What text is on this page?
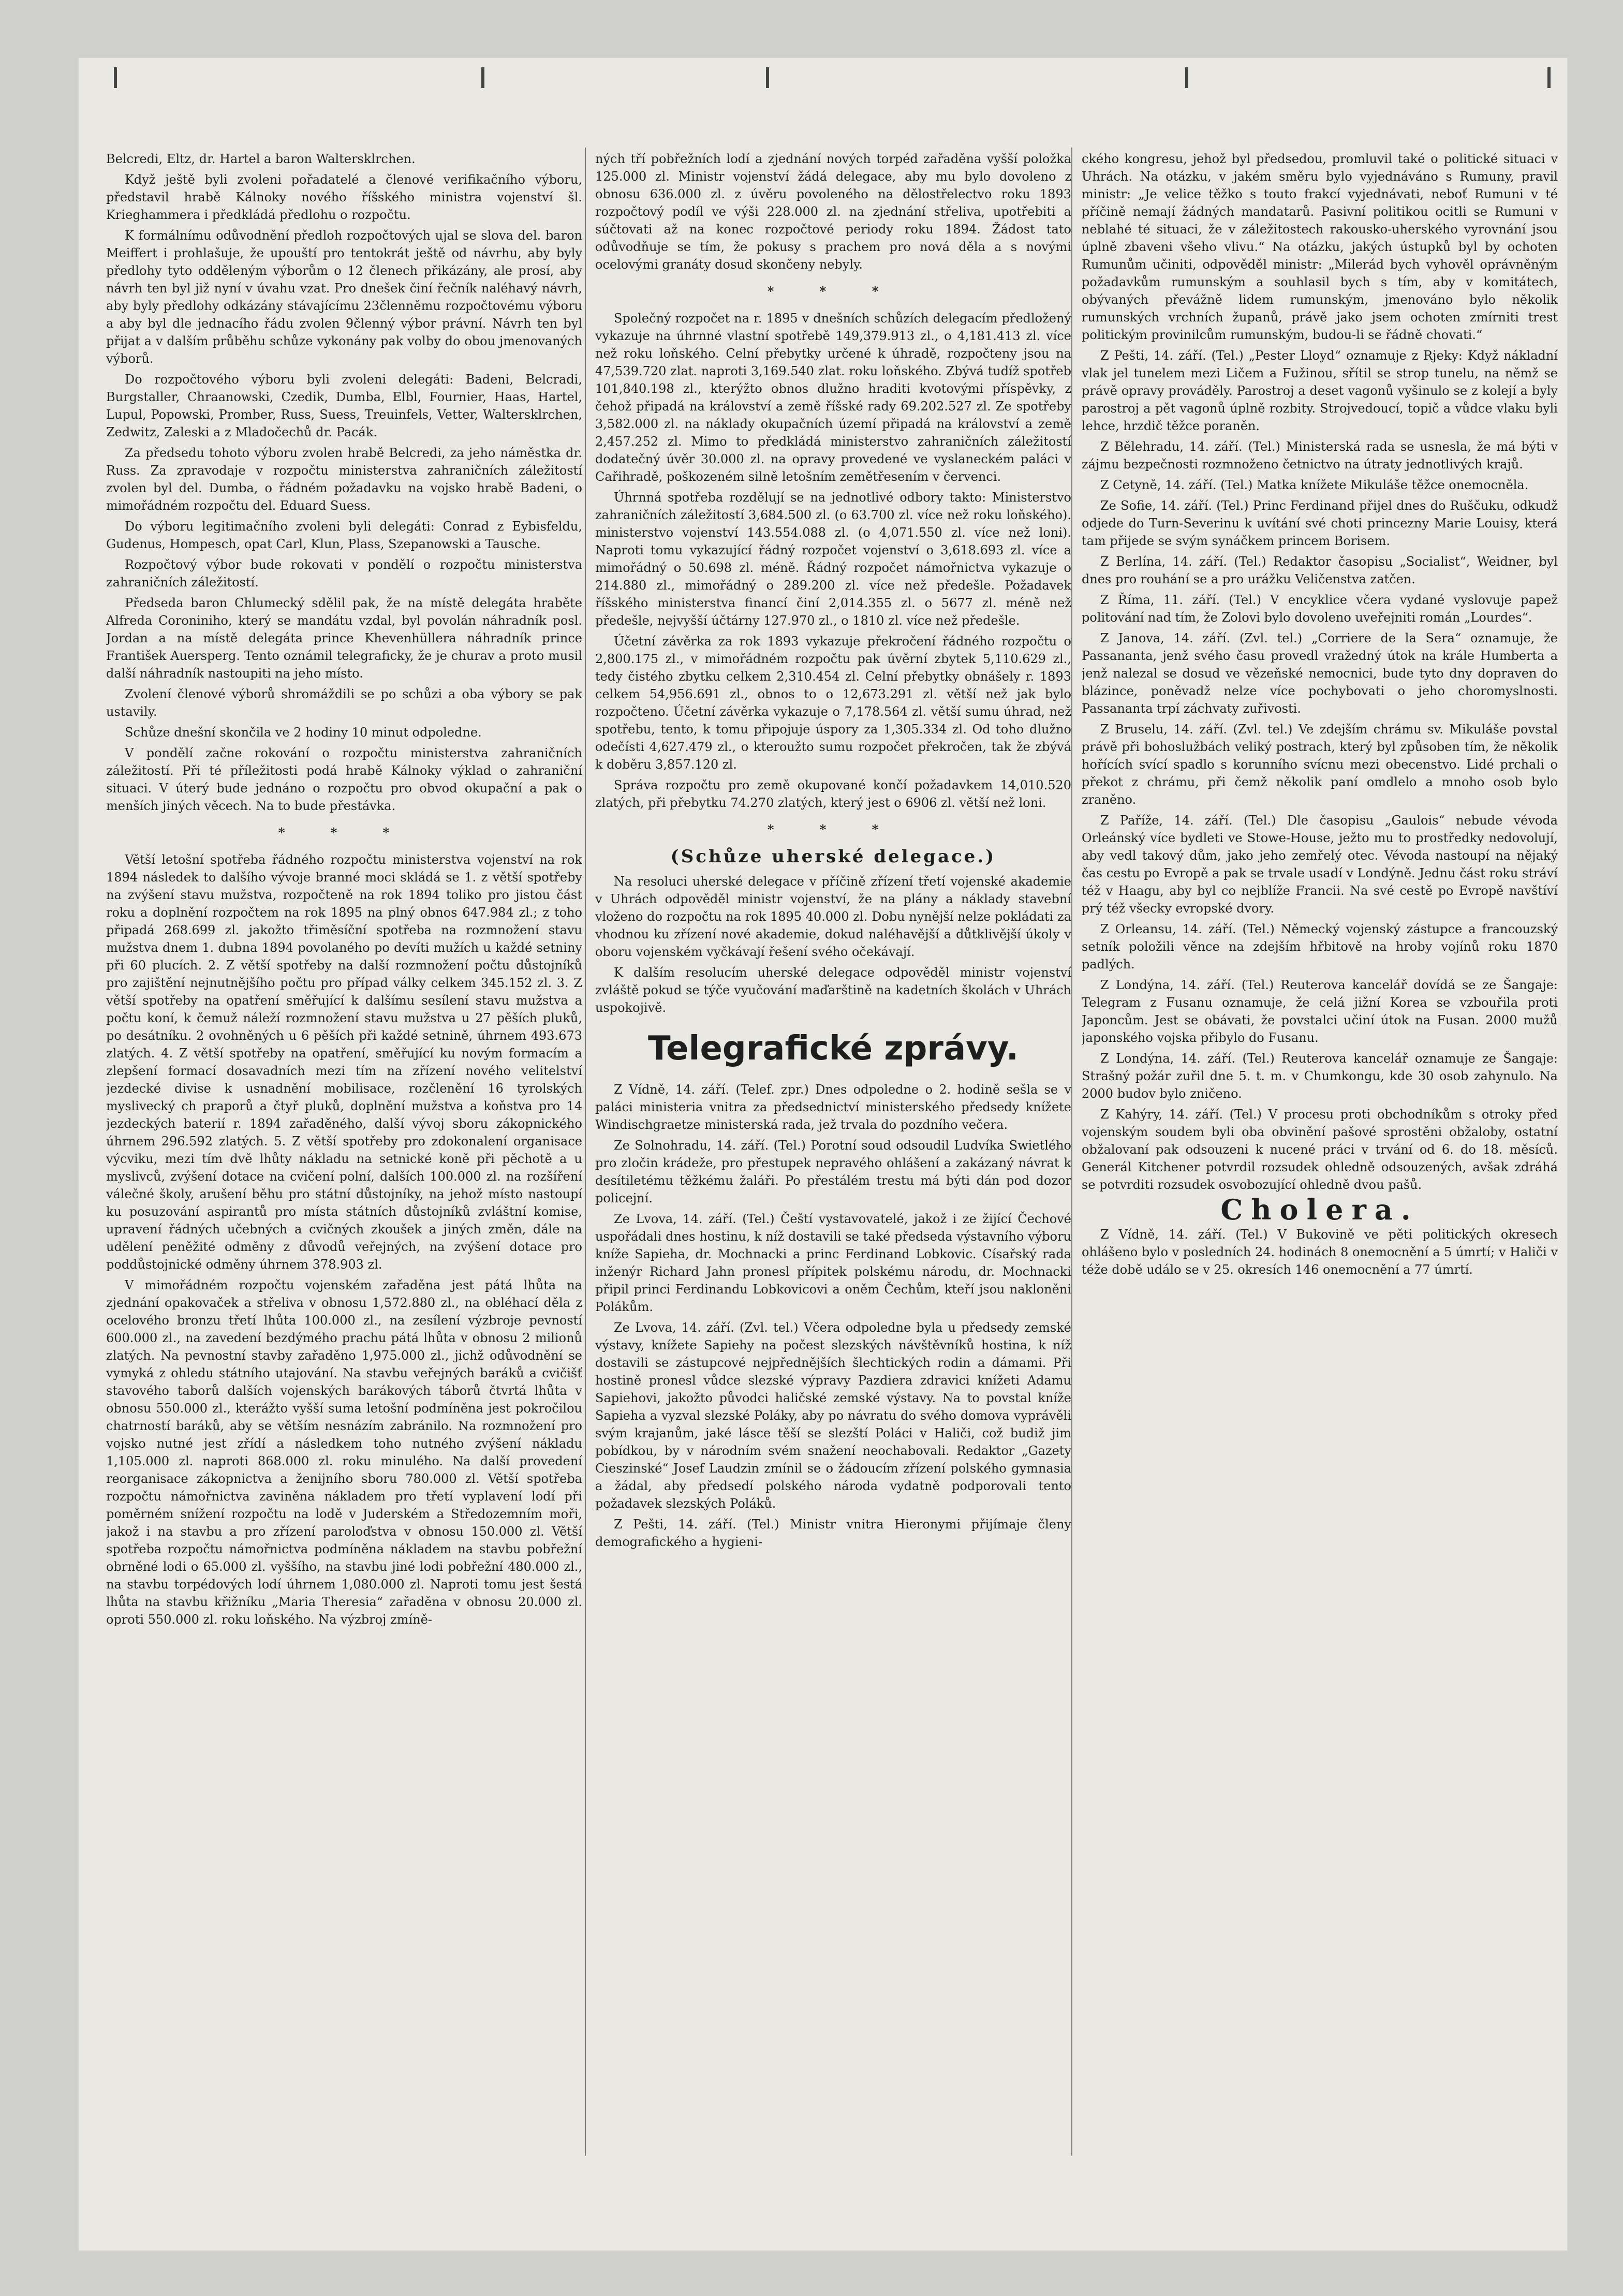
Belcredi, Eltz, dr. Hartel a baron Waltersklrchen.

Když ještě byli zvoleni pořadatelé a členové verifikačního výboru, představil hrabě Kálnoky nového říšského ministra vojenství šl. Krieghammera i předkládá předlohu o rozpočtu.

K formálnímu odůvodnění předloh rozpočtových ujal se slova del. baron Meiffert i prohlašuje, že upouští pro tentokrát ještě od návrhu, aby byly předlohy tyto odděleným výborům o 12 členech přikázány, ale prosí, aby návrh ten byl již nyní v úvahu vzat. Pro dnešek činí řečník naléhavý návrh, aby byly předlohy odkázány stávajícímu 23členněmu rozpočtovému výboru a aby byl dle jednacího řádu zvolen 9členný výbor právní. Návrh ten byl přijat a v dalším průběhu schůze vykonány pak volby do obou jmenovaných výborů.

Do rozpočtového výboru byli zvoleni delegáti: Badeni, Belcradi, Burgstaller, Chraanowski, Czedik, Dumba, Elbl, Fournier, Haas, Hartel, Lupul, Popowski, Promber, Russ, Suess, Treuinfels, Vetter, Waltersklrchen, Zedwitz, Zaleski a z Mladočechů dr. Pacák.

Za předsedu tohoto výboru zvolen hrabě Belcredi, za jeho náměstka dr. Russ. Za zpravodaje v rozpočtu ministerstva zahraničních záležitostí zvolen byl del. Dumba, o řádném požadavku na vojsko hrabě Badeni, o mimořádném rozpočtu del. Eduard Suess.

Do výboru legitimačního zvoleni byli delegáti: Conrad z Eybisfeldu, Gudenus, Hompesch, opat Carl, Klun, Plass, Szepanowski a Tausche.

Rozpočtový výbor bude rokovati v pondělí o rozpočtu ministerstva zahraničních záležitostí.

Předseda baron Chlumecký sdělil pak, že na místě delegáta hraběte Alfreda Coroniniho, který se mandátu vzdal, byl povolán náhradník posl. Jordan a na místě delegáta prince Khevenhüllera náhradník prince František Auersperg. Tento oznámil telegraficky, že je churav a proto musil další náhradník nastoupiti na jeho místo.

Zvolení členové výborů shromáždili se po schůzi a oba výbory se pak ustavily.

Schůze dnešní skončila ve 2 hodiny 10 minut odpoledne.

V pondělí začne rokování o rozpočtu ministerstva zahraničních záležitostí. Při té příležitosti podá hrabě Kálnoky výklad o zahraniční situaci. V úterý bude jednáno o rozpočtu pro obvod okupační a pak o menších jiných věcech. Na to bude přestávka.

* * *

Větší letošní spotřeba řádného rozpočtu ministerstva vojenství na rok 1894 následek to dalšího vývoje branné moci skládá se 1. z větší spotřeby na zvýšení stavu mužstva, rozpočteně na rok 1894 toliko pro jistou část roku a doplnění rozpočtem na rok 1895 na plný obnos 647.984 zl.; z toho připadá 268.699 zl. jakožto třiměsíční spotřeba na rozmnožení stavu mužstva dnem 1. dubna 1894 povolaného po devíti mužích u každé setniny při 60 plucích. 2. Z větší spotřeby na další rozmnožení počtu důstojníků pro zajištění nejnutnějšího počtu pro případ války celkem 345.152 zl. 3. Z větší spotřeby na opatření směřující k dalšímu sesílení stavu mužstva a počtu koní, k čemuž náleží rozmnožení stavu mužstva u 27 pěších pluků, po desátníku. 2 ovohněných u 6 pěších při každé setnině, úhrnem 493.673 zlatých. 4. Z větší spotřeby na opatření, směřující ku novým formacím a zlepšení formací dosavadních mezi tím na zřízení nového velitelství jezdecké divise k usnadnění mobilisace, rozčlenění 16 tyrolských myslivecký ch praporů a čtyř pluků, doplnění mužstva a koňstva pro 14 jezdeckých baterií r. 1894 zařaděného, další vývoj sboru zákopnického úhrnem 296.592 zlatých. 5. Z větší spotřeby pro zdokonalení organisace výcviku, mezi tím dvě lhůty nákladu na setnické koně při pěchotě a u myslivců, zvýšení dotace na cvičení polní, dalších 100.000 zl. na rozšíření válečné školy, arušení běhu pro státní důstojníky, na jehož místo nastoupí ku posuzování aspirantů pro místa státních důstojníků zvláštní komise, upravení řádných učebných a cvičných zkoušek a jiných změn, dále na udělení peněžité odměny z důvodů veřejných, na zvýšení dotace pro poddůstojnické odměny úhrnem 378.903 zl.

V mimořádném rozpočtu vojenském zařaděna jest pátá lhůta na zjednání opakovaček a střeliva v obnosu 1,572.880 zl., na obléhací děla z ocelového bronzu třetí lhůta 100.000 zl., na zesílení výzbroje pevností 600.000 zl., na zavedení bezdýmého prachu pátá lhůta v obnosu 2 milionů zlatých. Na pevnostní stavby zařaděno 1,975.000 zl., jichž odůvodnění se vymyká z ohledu státního utajování. Na stavbu veřejných baráků a cvičišť stavového taborů dalších vojenských barákových táborů čtvrtá lhůta v obnosu 550.000 zl., kterážto vyšší suma letošní podmíněna jest pokročilou chatrností baráků, aby se větším nesnázím zabránilo. Na rozmnožení pro vojsko nutné jest zřídí a následkem toho nutného zvýšení nákladu 1,105.000 zl. naproti 868.000 zl. roku minulého. Na další provedení reorganisace zákopnictva a ženijního sboru 780.000 zl. Větší spotřeba rozpočtu námořnictva zaviněna nákladem pro třetí vyplavení lodí při poměrném snížení rozpočtu na lodě v Juderském a Středozemním moři, jakož i na stavbu a pro zřízení paroloďstva v obnosu 150.000 zl. Větší spotřeba rozpočtu námořnictva podmíněna nákladem na stavbu pobřežní obrněné lodi o 65.000 zl. vyššího, na stavbu jiné lodi pobřežní 480.000 zl., na stavbu torpédových lodí úhrnem 1,080.000 zl. Naproti tomu jest šestá lhůta na stavbu křižníku „Maria Theresia“ zařaděna v obnosu 20.000 zl. oproti 550.000 zl. roku loňského. Na výzbroj zmíně-

ných tří pobřežních lodí a zjednání nových torpéd zařaděna vyšší položka 125.000 zl. Ministr vojenství žádá delegace, aby mu bylo dovoleno z obnosu 636.000 zl. z úvěru povoleného na dělostřelectvo roku 1893 rozpočtový podíl ve výši 228.000 zl. na zjednání střeliva, upotřebiti a súčtovati až na konec rozpočtové periody roku 1894. Žádost tato odůvodňuje se tím, že pokusy s prachem pro nová děla a s novými ocelovými granáty dosud skončeny nebyly.

* * *

Společný rozpočet na r. 1895 v dnešních schůzích delegacím předložený vykazuje na úhrnné vlastní spotřebě 149,379.913 zl., o 4,181.413 zl. více než roku loňského. Celní přebytky určené k úhradě, rozpočteny jsou na 47,539.720 zlat. naproti 3,169.540 zlat. roku loňského. Zbývá tudíž spotřeb 101,840.198 zl., kterýžto obnos dlužno hraditi kvotovými příspěvky, z čehož připadá na království a země říšské rady 69.202.527 zl. Ze spotřeby 3,582.000 zl. na náklady okupačních území připadá na království a země 2,457.252 zl. Mimo to předkládá ministerstvo zahraničních záležitostí dodatečný úvěr 30.000 zl. na opravy provedené ve vyslaneckém paláci v Cařihradě, poškozeném silně letošním zemětřesením v červenci.

Úhrnná spotřeba rozdělují se na jednotlivé odbory takto: Ministerstvo zahraničních záležitostí 3,684.500 zl. (o 63.700 zl. více než roku loňského). ministerstvo vojenství 143.554.088 zl. (o 4,071.550 zl. více než loni). Naproti tomu vykazující řádný rozpočet vojenství o 3,618.693 zl. více a mimořádný o 50.698 zl. méně. Řádný rozpočet námořnictva vykazuje o 214.880 zl., mimořádný o 289.200 zl. více než předešle. Požadavek říšského ministerstva financí činí 2,014.355 zl. o 5677 zl. méně než předešle, nejvyšší účtárny 127.970 zl., o 1810 zl. více než předešle.

Účetní závěrka za rok 1893 vykazuje překročení řádného rozpočtu o 2,800.175 zl., v mimořádném rozpočtu pak úvěrní zbytek 5,110.629 zl., tedy čistého zbytku celkem 2,310.454 zl. Celní přebytky obnášely r. 1893 celkem 54,956.691 zl., obnos to o 12,673.291 zl. větší než jak bylo rozpočteno. Účetní závěrka vykazuje o 7,178.564 zl. větší sumu úhrad, než spotřebu, tento, k tomu připojuje úspory za 1,305.334 zl. Od toho dlužno odečísti 4,627.479 zl., o kteroužto sumu rozpočet překročen, tak že zbývá k doběru 3,857.120 zl.

Správa rozpočtu pro země okupované končí požadavkem 14,010.520 zlatých, při přebytku 74.270 zlatých, který jest o 6906 zl. větší než loni.

* * *
(Schůze uherské delegace.)

Na resoluci uherské delegace v příčině zřízení třetí vojenské akademie v Uhrách odpověděl ministr vojenství, že na plány a náklady stavební vloženo do rozpočtu na rok 1895 40.000 zl. Dobu nynější nelze pokládati za vhodnou ku zřízení nové akademie, dokud naléhavější a důtklivější úkoly v oboru vojenském vyčkávají řešení svého očekávají.

K dalším resolucím uherské delegace odpověděl ministr vojenství zvláště pokud se týče vyučování maďarštině na kadetních školách v Uhrách uspokojivě.

Telegrafické zprávy.

Z Vídně, 14. září. (Telef. zpr.) Dnes odpoledne o 2. hodině sešla se v paláci ministeria vnitra za předsednictví ministerského předsedy knížete Windischgraetze ministerská rada, jež trvala do pozdního večera.

Ze Solnohradu, 14. září. (Tel.) Porotní soud odsoudil Ludvíka Swietlého pro zločin krádeže, pro přestupek nepravého ohlášení a zakázaný návrat k desítiletému těžkému žaláři. Po přestálém trestu má býti dán pod dozor policejní.

Ze Lvova, 14. září. (Tel.) Čeští vystavovatelé, jakož i ze žijící Čechové uspořádali dnes hostinu, k níž dostavili se také předseda výstavního výboru kníže Sapieha, dr. Mochnacki a princ Ferdinand Lobkovic. Císařský rada inženýr Richard Jahn pronesl přípitek polskému národu, dr. Mochnacki připil princi Ferdinandu Lobkovicovi a oněm Čechům, kteří jsou nakloněni Polákům.

Ze Lvova, 14. září. (Zvl. tel.) Včera odpoledne byla u předsedy zemské výstavy, knížete Sapiehy na počest slezských návštěvníků hostina, k níž dostavili se zástupcové nejpřednějších šlechtických rodin a dámami. Při hostině pronesl vůdce slezské výpravy Pazdiera zdravici knížeti Adamu Sapiehovi, jakožto původci haličské zemské výstavy. Na to povstal kníže Sapieha a vyzval slezské Poláky, aby po návratu do svého domova vyprávěli svým krajanům, jaké lásce těší se slezští Poláci v Haliči, což budiž jim pobídkou, by v národním svém snažení neochabovali. Redaktor „Gazety Cieszinské“ Josef Laudzin zmínil se o žádoucím zřízení polského gymnasia a žádal, aby předsedí polského národa vydatně podporovali tento požadavek slezských Poláků.

Z Pešti, 14. září. (Tel.) Ministr vnitra Hieronymi přijímaje členy demografického a hygieni-

ckého kongresu, jehož byl předsedou, promluvil také o politické situaci v Uhrách. Na otázku, v jakém směru bylo vyjednáváno s Rumuny, pravil ministr: „Je velice těžko s touto frakcí vyjednávati, neboť Rumuni v té příčině nemají žádných mandatarů. Pasivní politikou ocitli se Rumuni v neblahé té situaci, že v záležitostech rakousko-uherského vyrovnání jsou úplně zbaveni všeho vlivu.“ Na otázku, jakých ústupků byl by ochoten Rumunům učiniti, odpověděl ministr: „Milerád bych vyhověl oprávněným požadavkům rumunským a souhlasil bych s tím, aby v komitátech, obývaných převážně lidem rumunským, jmenováno bylo několik rumunských vrchních županů, právě jako jsem ochoten zmírniti trest politickým provinilcům rumunským, budou-li se řádně chovati.“

Z Pešti, 14. září. (Tel.) „Pester Lloyd“ oznamuje z Rjeky: Když nákladní vlak jel tunelem mezi Ličem a Fužinou, sřítil se strop tunelu, na němž se právě opravy prováděly. Parostroj a deset vagonů vyšinulo se z kolejí a byly parostroj a pět vagonů úplně rozbity. Strojvedoucí, topič a vůdce vlaku byli lehce, hrzdič těžce poraněn.

Z Bělehradu, 14. září. (Tel.) Ministerská rada se usnesla, že má býti v zájmu bezpečnosti rozmnoženo četnictvo na útraty jednotlivých krajů.

Z Cetyně, 14. září. (Tel.) Matka knížete Mikuláše těžce onemocněla.

Ze Sofie, 14. září. (Tel.) Princ Ferdinand přijel dnes do Ruščuku, odkudž odjede do Turn-Severinu k uvítání své choti princezny Marie Louisy, která tam přijede se svým synáčkem princem Borisem.

Z Berlína, 14. září. (Tel.) Redaktor časopisu „Socialist“, Weidner, byl dnes pro rouhání se a pro urážku Veličenstva zatčen.

Z Říma, 11. září. (Tel.) V encyklice včera vydané vyslovuje papež politování nad tím, že Zolovi bylo dovoleno uveřejniti román „Lourdes“.

Z Janova, 14. září. (Zvl. tel.) „Corriere de la Sera“ oznamuje, že Passananta, jenž svého času provedl vražedný útok na krále Humberta a jenž nalezal se dosud ve vězeňské nemocnici, bude tyto dny dopraven do blázince, poněvadž nelze více pochybovati o jeho choromyslnosti. Passananta trpí záchvaty zuřivosti.

Z Bruselu, 14. září. (Zvl. tel.) Ve zdejším chrámu sv. Mikuláše povstal právě při bohoslužbách veliký postrach, který byl způsoben tím, že několik hořících svící spadlo s korunního svícnu mezi obecenstvo. Lidé prchali o překot z chrámu, při čemž několik paní omdlelo a mnoho osob bylo zraněno.

Z Paříže, 14. září. (Tel.) Dle časopisu „Gaulois“ nebude vévoda Orleánský více bydleti ve Stowe-House, ježto mu to prostředky nedovolují, aby vedl takový dům, jako jeho zemřelý otec. Vévoda nastoupí na nějaký čas cestu po Evropě a pak se trvale usadí v Londýně. Jednu část roku stráví též v Haagu, aby byl co nejblíže Francii. Na své cestě po Evropě navštíví prý též všecky evropské dvory.

Z Orleansu, 14. září. (Tel.) Německý vojenský zástupce a francouzský setník položili věnce na zdejším hřbitově na hroby vojínů roku 1870 padlých.

Z Londýna, 14. září. (Tel.) Reuterova kancelář dovídá se ze Šangaje: Telegram z Fusanu oznamuje, že celá jižní Korea se vzbouřila proti Japoncům. Jest se obávati, že povstalci učiní útok na Fusan. 2000 mužů japonského vojska přibylo do Fusanu.

Z Londýna, 14. září. (Tel.) Reuterova kancelář oznamuje ze Šangaje: Strašný požár zuřil dne 5. t. m. v Chumkongu, kde 30 osob zahynulo. Na 2000 budov bylo zničeno.

Z Kahýry, 14. září. (Tel.) V procesu proti obchodníkům s otroky před vojenským soudem byli oba obvinění pašové sprostěni obžaloby, ostatní obžalovaní pak odsouzeni k nucené práci v trvání od 6. do 18. měsíců. Generál Kitchener potvrdil rozsudek ohledně odsouzených, avšak zdráhá se potvrditi rozsudek osvobozující ohledně dvou pašů.

Cholera.

Z Vídně, 14. září. (Tel.) V Bukovině ve pěti politických okresech ohlášeno bylo v posledních 24. hodinách 8 onemocnění a 5 úmrtí; v Haliči v téže době událo se v 25. okresích 146 onemocnění a 77 úmrtí.
